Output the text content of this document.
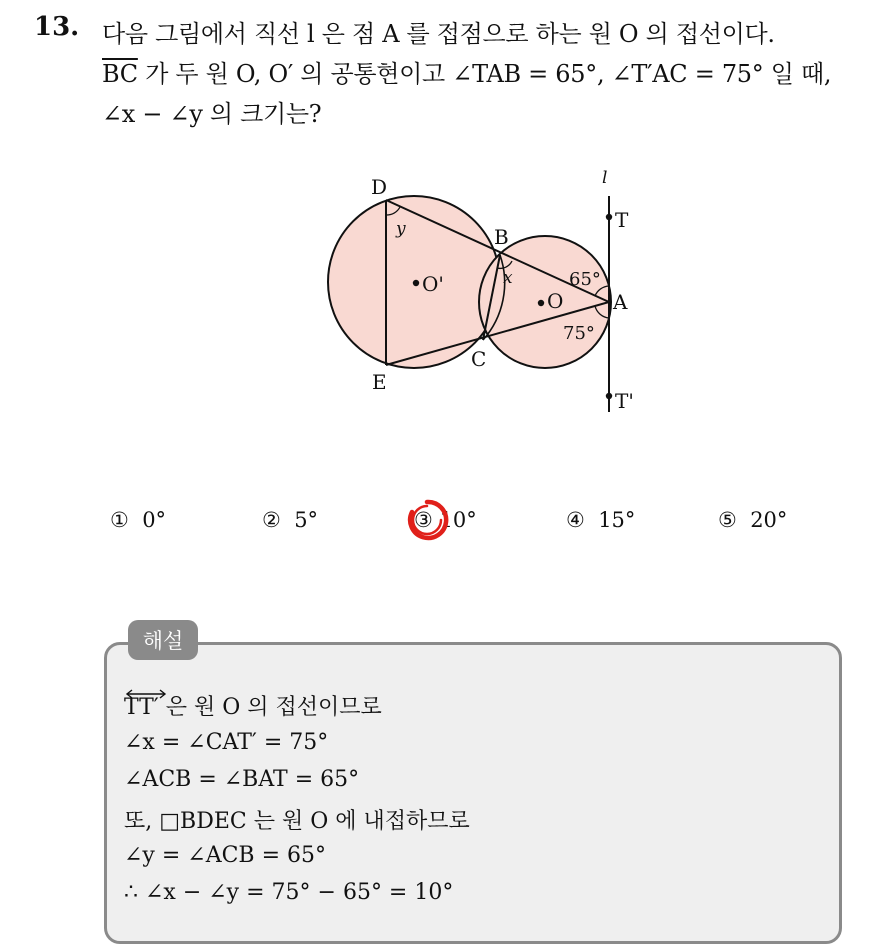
13. 다음 그림에서 직선 l 은 점 A 를 접점으로 하는 원 O 의 접선이다.
$\overline{BC}$ 가 두 원 O, O′ 의 공통현이고 ∠TAB = 65°, ∠T′AC = 75° 일 때,
∠x − ∠y 의 크기는?
l
D
B
A
C
E
T
T'
O'
O
y
x	65°
75°
① 0°	② 5°	③ 10°	④ 15°	⑤ 20°
해설
TT′ 은 원 O 의 접선이므로
∠x = ∠CAT′ = 75°
∠ACB = ∠BAT = 65°
또, □BDEC 는 원 O 에 내접하므로
∠y = ∠ACB = 65°
∴ ∠x − ∠y = 75° − 65° = 10°
